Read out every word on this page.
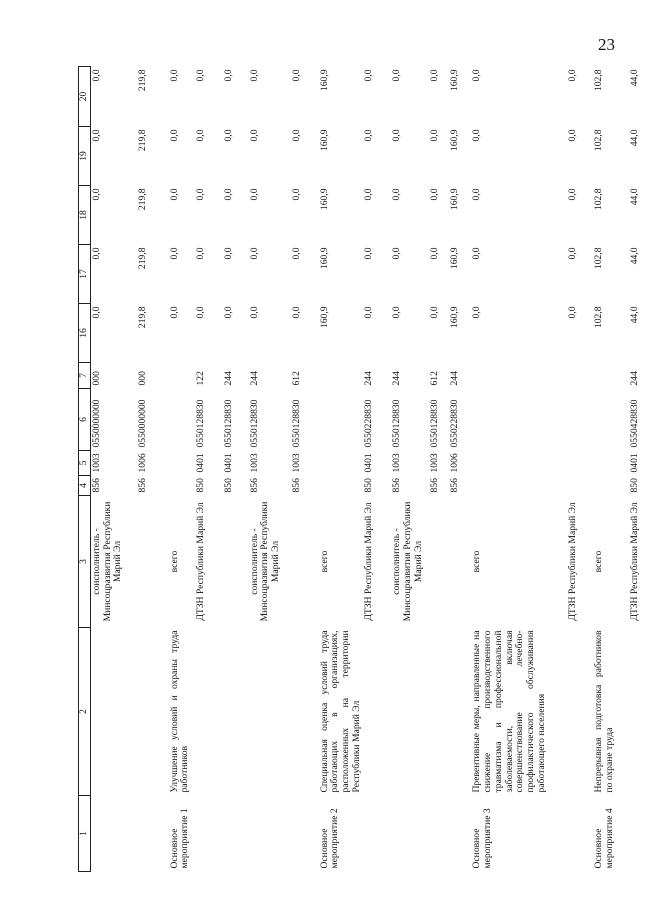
23
1	2	3	4	5	6	7	16	17	18	19	20
		соисполнитель - Минсоцразвития Республики Марий Эл	856	1003	0550000000	000	0,0	0,0	0,0	0,0	0,0
			856	1006	0550000000	000	219,8	219,8	219,8	219,8	219,8
Основное мероприятие 1	Улучшение условий и охраны труда работников	всего					0,0	0,0	0,0	0,0	0,0
		ДТЗН Республики Марий Эл	850	0401	0550128830	122	0,0	0,0	0,0	0,0	0,0
			850	0401	0550128830	244	0,0	0,0	0,0	0,0	0,0
		соисполнитель - Минсоцразвития Республики Марий Эл	856	1003	0550128830	244	0,0	0,0	0,0	0,0	0,0
			856	1003	0550128830	612	0,0	0,0	0,0	0,0	0,0
Основное мероприятие 2	Специальная оценка условий труда работающих в организациях, расположенных на территории Республики Марий Эл	всего					160,9	160,9	160,9	160,9	160,9
		ДТЗН Республики Марий Эл	850	0401	0550228830	244	0,0	0,0	0,0	0,0	0,0
		соисполнитель - Минсоцразвития Республики Марий Эл	856	1003	0550128830	244	0,0	0,0	0,0	0,0	0,0
			856	1003	0550128830	612	0,0	0,0	0,0	0,0	0,0
			856	1006	0550228830	244	160,9	160,9	160,9	160,9	160,9
Основное мероприятие 3	Превентивные меры, направленные на снижение производственного травматизма и профессиональной заболеваемости, включая совершенствование лечебно-профилактического обслуживания работающего населения	всего					0,0	0,0	0,0	0,0	0,0
		ДТЗН Республики Марий Эл					0,0	0,0	0,0	0,0	0,0
Основное мероприятие 4	Непрерывная подготовка работников по охране труда	всего					102,8	102,8	102,8	102,8	102,8
		ДТЗН Республики Марий Эл	850	0401	0550428830	244	44,0	44,0	44,0	44,0	44,0
